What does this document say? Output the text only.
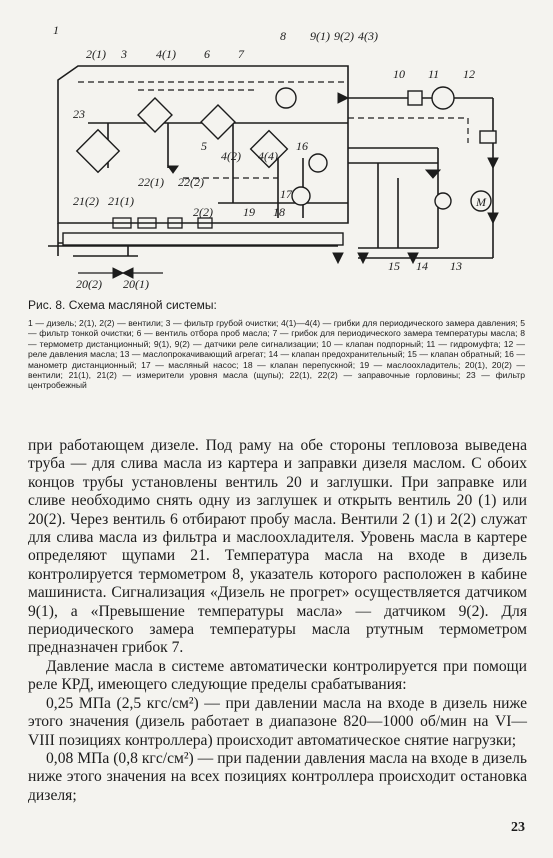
1
2(1) 3 4(1) 6 7
8 9(1) 9(2) 4(3)
10 11 12
23
4(2) 4(4)
16
5
22(1) 22(2)
21(2) 21(1)
2(2)	19 18
17
20(2) 20(1)
15 14 13
M
Рис. 8. Схема масляной системы:
1 — дизель; 2(1), 2(2) — вентили; 3 — фильтр грубой очистки; 4(1)—4(4) — грибки для периодического замера давления; 5 — фильтр тонкой очистки; 6 — вентиль отбора проб масла; 7 — грибок для периодического замера температуры масла; 8 — термометр дистанционный; 9(1), 9(2) — датчики реле сигнализации; 10 — клапан подпорный; 11 — гидромуфта; 12 — реле давления масла; 13 — маслопрокачивающий агрегат; 14 — клапан предохранительный; 15 — клапан обратный; 16 — манометр дистанционный; 17 — масляный насос; 18 — клапан перепускной; 19 — маслоохладитель; 20(1), 20(2) — вентили; 21(1), 21(2) — измерители уровня масла (щупы); 22(1), 22(2) — заправочные горловины; 23 — фильтр центробежный

при работающем дизеле. Под раму на обе стороны тепловоза выведена труба — для слива масла из картера и заправки дизеля маслом. С обоих концов трубы установлены вентиль 20 и заглушки. При заправке или сливе необходимо снять одну из заглушек и открыть вентиль 20 (1) или 20(2). Через вентиль 6 отбирают пробу масла. Вентили 2 (1) и 2(2) служат для слива масла из фильтра и маслоохладителя. Уровень масла в картере определяют щупами 21. Температура масла на входе в дизель контролируется термометром 8, указатель которого расположен в кабине машиниста. Сигнализация «Дизель не прогрет» осуществляется датчиком 9(1), а «Превышение температуры масла» — датчиком 9(2). Для периодического замера температуры масла ртутным термометром предназначен грибок 7.

Давление масла в системе автоматически контролируется при помощи реле КРД, имеющего следующие пределы срабатывания:

0,25 МПа (2,5 кгс/см²) — при давлении масла на входе в дизель ниже этого значения (дизель работает в диапазоне 820—1000 об/мин на VI—VIII позициях контроллера) происходит автоматическое снятие нагрузки;

0,08 МПа (0,8 кгс/см²) — при падении давления масла на входе в дизель ниже этого значения на всех позициях контроллера происходит остановка дизеля;

23
